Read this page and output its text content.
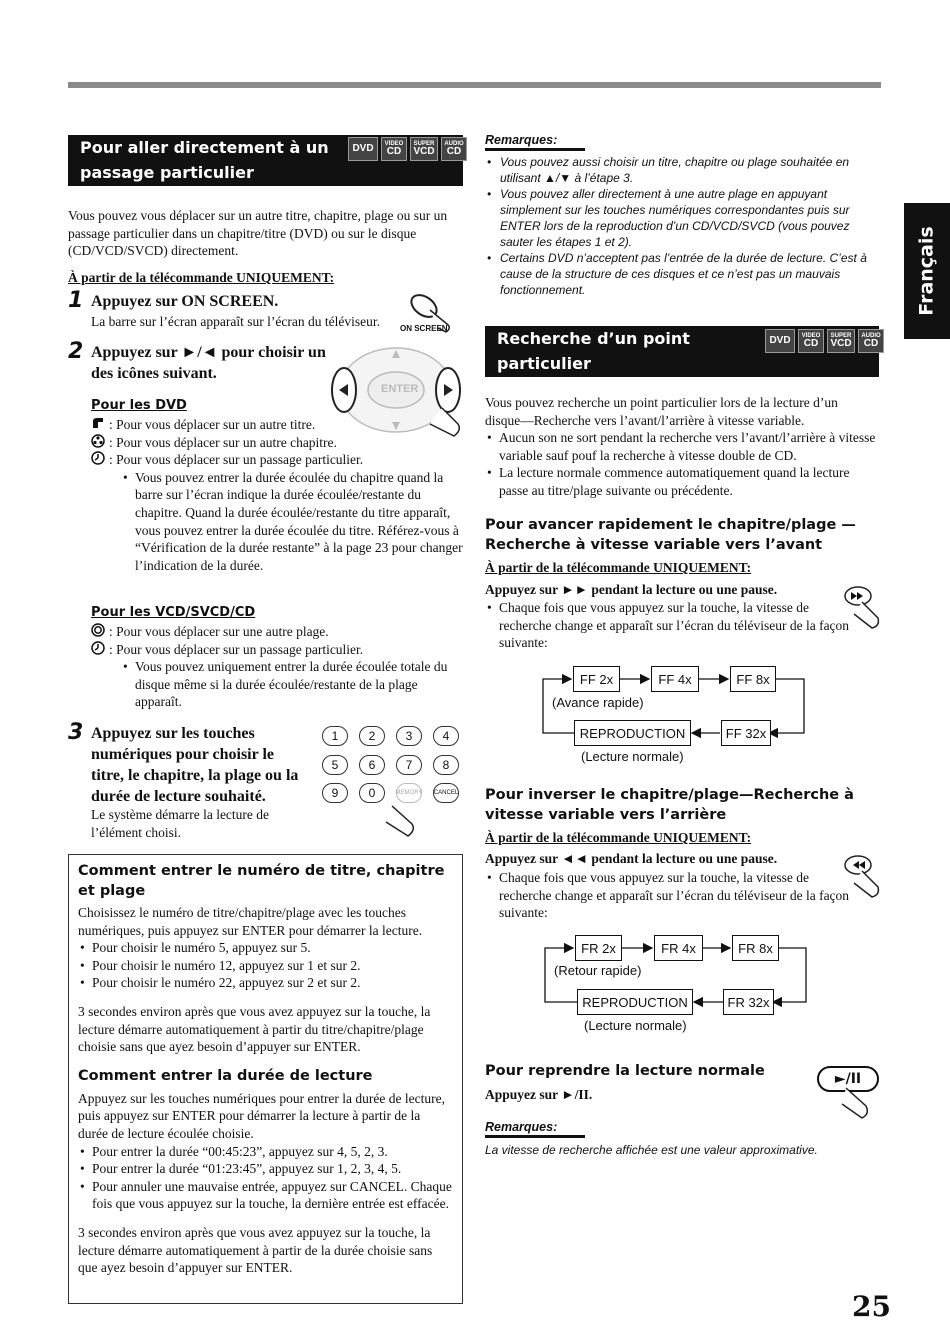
Français
Pour aller directement à un
passage particulier
DVD VIDEO
CD
SUPER
VCD
AUDIO
CD

Vous pouvez vous déplacer sur un autre titre, chapitre, plage ou sur un passage particulier dans un chapitre/titre (DVD) ou sur le disque (CD/VCD/SVCD) directement.

À partir de la télécommande UNIQUEMENT:
1 Appuyez sur ON SCREEN.

La barre sur l’écran apparaît sur l’écran du téléviseur.	ON SCREEN
2 Appuyez sur ►/◄ pour choisir un des icônes suivant.
ENTER
Pour les DVD
: Pour vous déplacer sur un autre titre.
: Pour vous déplacer sur un autre chapitre.
: Pour vous déplacer sur un passage particulier.
• Vous pouvez entrer la durée écoulée du chapitre quand la barre sur l’écran indique la durée écoulée/restante du chapitre. Quand la durée écoulée/restante du titre apparaît, vous pouvez entrer la durée écoulée du titre. Référez-vous à “Vérification de la durée restante” à la page 23 pour changer l’indication de la durée.
Pour les VCD/SVCD/CD
: Pour vous déplacer sur une autre plage.
: Pour vous déplacer sur un passage particulier.
• Vous pouvez uniquement entrer la durée écoulée totale du disque même si la durée écoulée/restante de la plage apparaît.
3 Appuyez sur les touches numériques pour choisir le titre, le chapitre, la plage ou la durée de lecture souhaité.

Le système démarre la lecture de l’élément choisi.

1	2	3	4
5	6	7	8
9	0	MEMORY CANCEL
Comment entrer le numéro de titre, chapitre et plage

Choisissez le numéro de titre/chapitre/plage avec les touches numériques, puis appuyez sur ENTER pour démarrer la lecture.

• Pour choisir le numéro 5, appuyez sur 5.
• Pour choisir le numéro 12, appuyez sur 1 et sur 2.
• Pour choisir le numéro 22, appuyez sur 2 et sur 2.

3 secondes environ après que vous avez appuyez sur la touche, la lecture démarre automatiquement à partir du titre/chapitre/plage choisie sans que ayez besoin d’appuyer sur ENTER.

Comment entrer la durée de lecture

Appuyez sur les touches numériques pour entrer la durée de lecture, puis appuyez sur ENTER pour démarrer la lecture à partir de la durée de lecture écoulée choisie.

• Pour entrer la durée “00:45:23”, appuyez sur 4, 5, 2, 3.
• Pour entrer la durée “01:23:45”, appuyez sur 1, 2, 3, 4, 5.
• Pour annuler une mauvaise entrée, appuyez sur CANCEL. Chaque fois que vous appuyez sur la touche, la dernière entrée est effacée.

3 secondes environ après que vous avez appuyez sur la touche, la lecture démarre automatiquement à partir de la durée choisie sans que ayez besoin d’appuyer sur ENTER.

Remarques:
• Vous pouvez aussi choisir un titre, chapitre ou plage souhaitée en utilisant ▲/▼ à l’étape 3.
• Vous pouvez aller directement à une autre plage en appuyant simplement sur les touches numériques correspondantes puis sur ENTER lors de la reproduction d’un CD/VCD/SVCD (vous pouvez sauter les étapes 1 et 2).
• Certains DVD n’acceptent pas l’entrée de la durée de lecture. C’est à cause de la structure de ces disques et ce n’est pas un mauvais fonctionnement.
Recherche d’un point
particulier
DVD VIDEO
CD
SUPER
VCD
AUDIO
CD

Vous pouvez recherche un point particulier lors de la lecture d’un disque—Recherche vers l’avant/l’arrière à vitesse variable.

• Aucun son ne sort pendant la recherche vers l’avant/l’arrière à vitesse variable sauf pouf la recherche à vitesse double de CD.
• La lecture normale commence automatiquement quand la lecture passe au titre/plage suivante ou précédente.
Pour avancer rapidement le chapitre/plage —Recherche à vitesse variable vers l’avant
À partir de la télécommande UNIQUEMENT:
Appuyez sur ►► pendant la lecture ou une pause.
• Chaque fois que vous appuyez sur la touche, la vitesse de recherche change et apparaît sur l’écran du téléviseur de la façon suivante:
FF 2x	FF 4x	FF 8x
(Avance rapide)
FF 32x
REPRODUCTION
(Lecture normale)
Pour inverser le chapitre/plage—Recherche à vitesse variable vers l’arrière
À partir de la télécommande UNIQUEMENT:
Appuyez sur ◄◄ pendant la lecture ou une pause.
• Chaque fois que vous appuyez sur la touche, la vitesse de recherche change et apparaît sur l’écran du téléviseur de la façon suivante:
FR 2x	FR 4x	FR 8x
(Retour rapide)
FR 32x
REPRODUCTION
(Lecture normale)
Pour reprendre la lecture normale
Appuyez sur ►/II.
►/II
Remarques:
La vitesse de recherche affichée est une valeur approximative.
25
